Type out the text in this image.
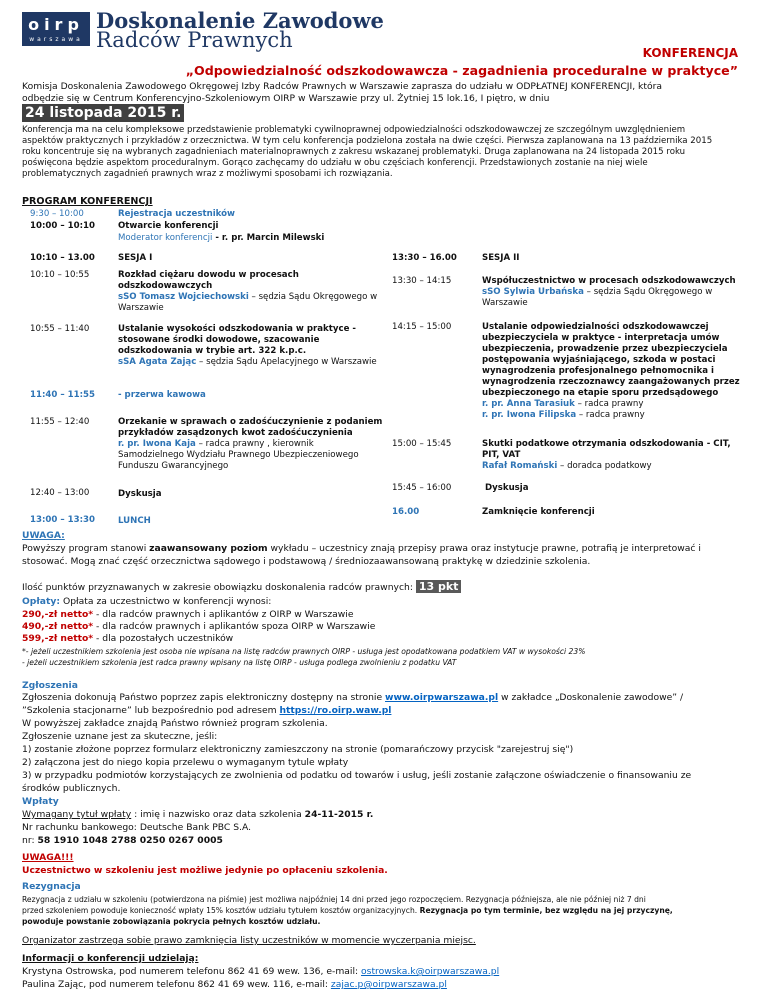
oirp
warszawa
Doskonalenie Zawodowe
Radców Prawnych
KONFERENCJA
„Odpowiedzialność odszkodowawcza - zagadnienia proceduralne w praktyce”
Komisja Doskonalenia Zawodowego Okręgowej Izby Radców Prawnych w Warszawie zaprasza do udziału w ODPŁATNEJ KONFERENCJI, która
odbędzie się w Centrum Konferencyjno-Szkoleniowym OIRP w Warszawie przy ul. Żytniej 15 lok.16, I piętro, w dniu
24 listopada 2015 r.
Konferencja ma na celu kompleksowe przedstawienie problematyki cywilnoprawnej odpowiedzialności odszkodowawczej ze szczególnym uwzględnieniem
aspektów praktycznych i przykładów z orzecznictwa. W tym celu konferencja podzielona została na dwie części. Pierwsza zaplanowana na 13 października 2015
roku koncentruje się na wybranych zagadnieniach materialnoprawnych z zakresu wskazanej problematyki. Druga zaplanowana na 24 listopada 2015 roku
poświęcona będzie aspektom proceduralnym. Gorąco zachęcamy do udziału w obu częściach konferencji. Przedstawionych zostanie na niej wiele
problematycznych zagadnień prawnych wraz z możliwymi sposobami ich rozwiązania.
PROGRAM KONFERENCJI
9:30 – 10:00	Rejestracja uczestników
10:00 – 10:10	Otwarcie konferencji
Moderator konferencji - r. pr. Marcin Milewski
10:10 – 13.00	SESJA I
10:10 – 10:55	Rozkład ciężaru dowodu w procesach
odszkodowawczych
sSO Tomasz Wojciechowski – sędzia Sądu Okręgowego w
Warszawie
10:55 – 11:40	Ustalanie wysokości odszkodowania w praktyce -
stosowane środki dowodowe, szacowanie
odszkodowania w trybie art. 322 k.p.c.
sSA Agata Zając – sędzia Sądu Apelacyjnego w Warszawie
11:40 – 11:55	- przerwa kawowa
11:55 – 12:40	Orzekanie w sprawach o zadośćuczynienie z podaniem
przykładów zasądzonych kwot zadośćuczynienia
r. pr. Iwona Kaja – radca prawny , kierownik
Samodzielnego Wydziału Prawnego Ubezpieczeniowego
Funduszu Gwarancyjnego
12:40 – 13:00	Dyskusja
13:00 – 13:30	LUNCH
13:30 – 16.00	SESJA II
13:30 – 14:15	Współuczestnictwo w procesach odszkodowawczych
sSO Sylwia Urbańska – sędzia Sądu Okręgowego w
Warszawie
14:15 – 15:00	Ustalanie odpowiedzialności odszkodowawczej
ubezpieczyciela w praktyce - interpretacja umów
ubezpieczenia, prowadzenie przez ubezpieczyciela
postępowania wyjaśniającego, szkoda w postaci
wynagrodzenia profesjonalnego pełnomocnika i
wynagrodzenia rzeczoznawcy zaangażowanych przez
ubezpieczonego na etapie sporu przedsądowego
r. pr. Anna Tarasiuk – radca prawny
r. pr. Iwona Filipska – radca prawny
15:00 – 15:45	Skutki podatkowe otrzymania odszkodowania - CIT,
PIT, VAT
Rafał Romański – doradca podatkowy
15:45 – 16:00	Dyskusja
16.00	Zamknięcie konferencji
UWAGA:
Powyższy program stanowi zaawansowany poziom wykładu – uczestnicy znają przepisy prawa oraz instytucje prawne, potrafią je interpretować i
stosować. Mogą znać część orzecznictwa sądowego i podstawową / średniozaawansowaną praktykę w dziedzinie szkolenia.
Ilość punktów przyznawanych w zakresie obowiązku doskonalenia radców prawnych: 13 pkt
Opłaty: Opłata za uczestnictwo w konferencji wynosi:
290,-zł netto* - dla radców prawnych i aplikantów z OIRP w Warszawie
490,-zł netto* - dla radców prawnych i aplikantów spoza OIRP w Warszawie
599,-zł netto* - dla pozostałych uczestników
*- jeżeli uczestnikiem szkolenia jest osoba nie wpisana na listę radców prawnych OIRP - usługa jest opodatkowana podatkiem VAT w wysokości 23%
- jeżeli uczestnikiem szkolenia jest radca prawny wpisany na listę OIRP - usługa podlega zwolnieniu z podatku VAT
Zgłoszenia
Zgłoszenia dokonują Państwo poprzez zapis elektroniczny dostępny na stronie www.oirpwarszawa.pl w zakładce „Doskonalenie zawodowe” /
”Szkolenia stacjonarne” lub bezpośrednio pod adresem https://ro.oirp.waw.pl
W powyższej zakładce znajdą Państwo również program szkolenia.
Zgłoszenie uznane jest za skuteczne, jeśli:
1) zostanie złożone poprzez formularz elektroniczny zamieszczony na stronie (pomarańczowy przycisk "zarejestruj się")
2) załączona jest do niego kopia przelewu o wymaganym tytule wpłaty
3) w przypadku podmiotów korzystających ze zwolnienia od podatku od towarów i usług, jeśli zostanie załączone oświadczenie o finansowaniu ze
środków publicznych.
Wpłaty
Wymagany tytuł wpłaty : imię i nazwisko oraz data szkolenia 24-11-2015 r.
Nr rachunku bankowego: Deutsche Bank PBC S.A.
nr: 58 1910 1048 2788 0250 0267 0005
UWAGA!!!
Uczestnictwo w szkoleniu jest możliwe jedynie po opłaceniu szkolenia.
Rezygnacja
Rezygnacja z udziału w szkoleniu (potwierdzona na piśmie) jest możliwa najpóźniej 14 dni przed jego rozpoczęciem. Rezygnacja późniejsza, ale nie później niż 7 dni
przed szkoleniem powoduje konieczność wpłaty 15% kosztów udziału tytułem kosztów organizacyjnych. Rezygnacja po tym terminie, bez względu na jej przyczynę,
powoduje powstanie zobowiązania pokrycia pełnych kosztów udziału.
Organizator zastrzega sobie prawo zamknięcia listy uczestników w momencie wyczerpania miejsc.
Informacji o konferencji udzielają:
Krystyna Ostrowska, pod numerem telefonu 862 41 69 wew. 136, e-mail: ostrowska.k@oirpwarszawa.pl
Paulina Zając, pod numerem telefonu 862 41 69 wew. 116, e-mail: zajac.p@oirpwarszawa.pl
